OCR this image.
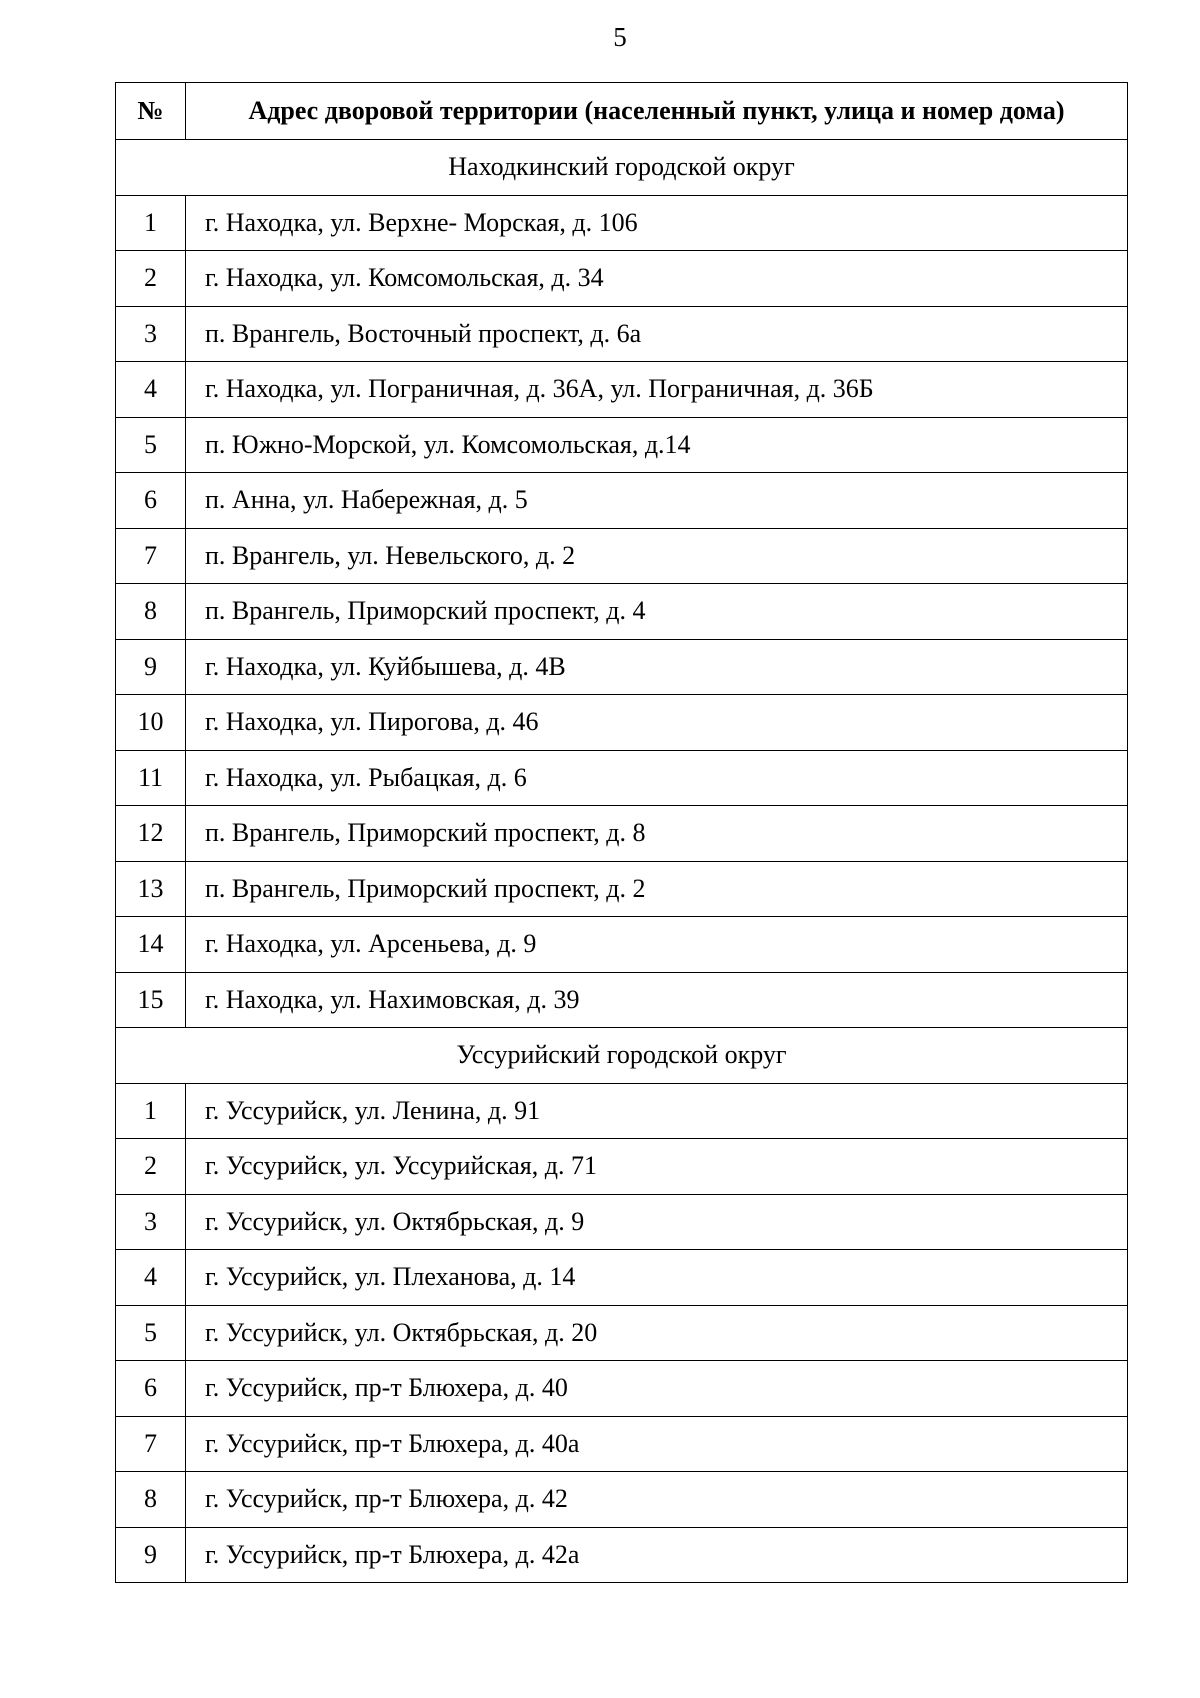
5
№	Адрес дворовой территории (населенный пункт, улица и номер дома)
Находкинский городской округ	
1	г. Находка, ул. Верхне- Морская, д. 106
2	г. Находка, ул. Комсомольская, д. 34
3	п. Врангель, Восточный проспект, д. 6а
4	г. Находка, ул. Пограничная, д. 36А, ул. Пограничная, д. 36Б
5	п. Южно-Морской, ул. Комсомольская, д.14
6	п. Анна, ул. Набережная, д. 5
7	п. Врангель, ул. Невельского, д. 2
8	п. Врангель, Приморский проспект, д. 4
9	г. Находка, ул. Куйбышева, д. 4В
10	г. Находка, ул. Пирогова, д. 46
11	г. Находка, ул. Рыбацкая, д. 6
12	п. Врангель, Приморский проспект, д. 8
13	п. Врангель, Приморский проспект, д. 2
14	г. Находка, ул. Арсеньева, д. 9
15	г. Находка, ул. Нахимовская, д. 39
Уссурийский городской округ	
1	г. Уссурийск, ул. Ленина, д. 91
2	г. Уссурийск, ул. Уссурийская, д. 71
3	г. Уссурийск, ул. Октябрьская, д. 9
4	г. Уссурийск, ул. Плеханова, д. 14
5	г. Уссурийск, ул. Октябрьская, д. 20
6	г. Уссурийск, пр-т Блюхера, д. 40
7	г. Уссурийск, пр-т Блюхера, д. 40а
8	г. Уссурийск, пр-т Блюхера, д. 42
9	г. Уссурийск, пр-т Блюхера, д. 42а
